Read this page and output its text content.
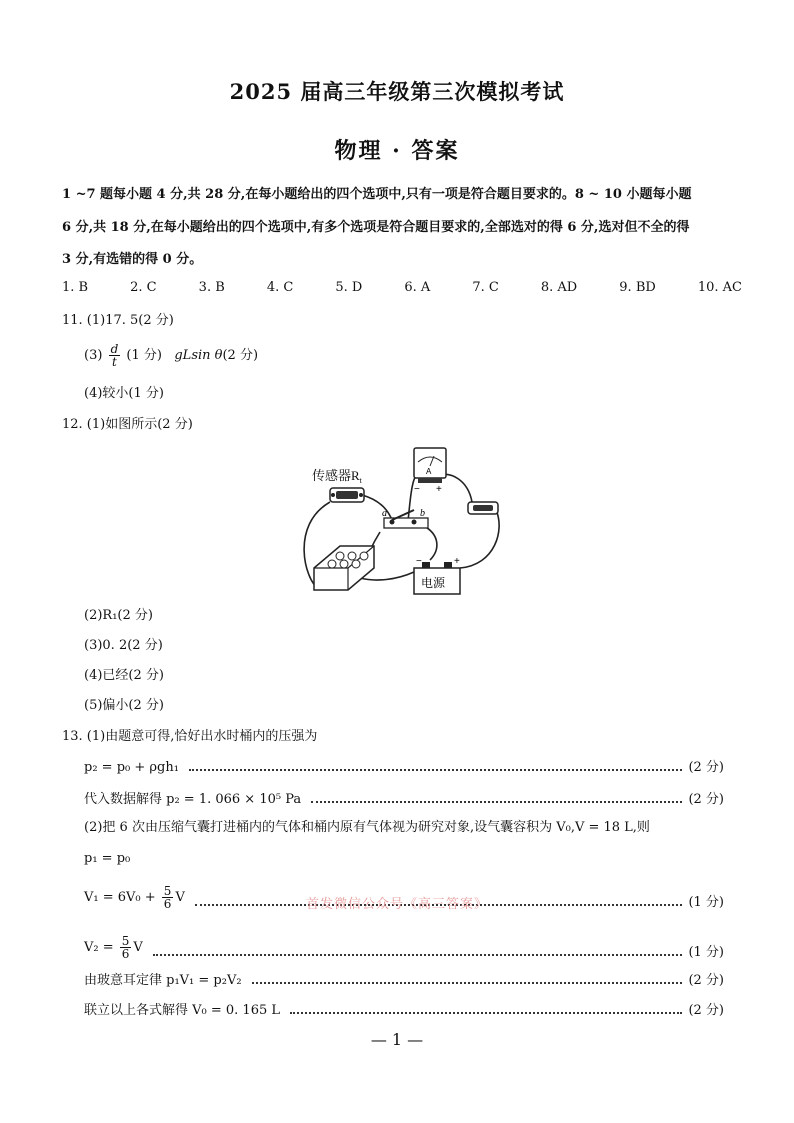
2025 届高三年级第三次模拟考试
物理 · 答案
1 ~7 题每小题 4 分,共 28 分,在每小题给出的四个选项中,只有一项是符合题目要求的。8 ~ 10 小题每小题
6 分,共 18 分,在每小题给出的四个选项中,有多个选项是符合题目要求的,全部选对的得 6 分,选对但不全的得
3 分,有选错的得 0 分。
1. B	2. C	3. B	4. C	5. D	6. A	7. C	8. AD	9. BD	10. AC
11. (1)17. 5(2 分)
$(3) \frac{d}{t} (1$ 分) gLsin θ(2 分)
(4)较小(1 分)
12. (1)如图所示(2 分)
传感器$R_t$
A
− +
a	b
−	+
电源
(2)R₁(2 分)
(3)0. 2(2 分)
(4)已经(2 分)
(5)偏小(2 分)
13. (1)由题意可得,恰好出水时桶内的压强为
p₂ = p₀ + ρgh₁	(2 分)
代入数据解得 p₂ = 1. 066 × 10⁵ Pa	(2 分)
(2)把 6 次由压缩气囊打进桶内的气体和桶内原有气体视为研究对象,设气囊容积为 V₀,V = 18 L,则
p₁ = p₀
$V_1 = 6V_0 + \frac{5}{6}$ V	(1 分)
首发微信公众号《高三答案》
$V_2 = \frac{5}{6}$ V	(1 分)
由玻意耳定律 p₁V₁ = p₂V₂	(2 分)
联立以上各式解得 V₀ = 0. 165 L	(2 分)
— 1 —
